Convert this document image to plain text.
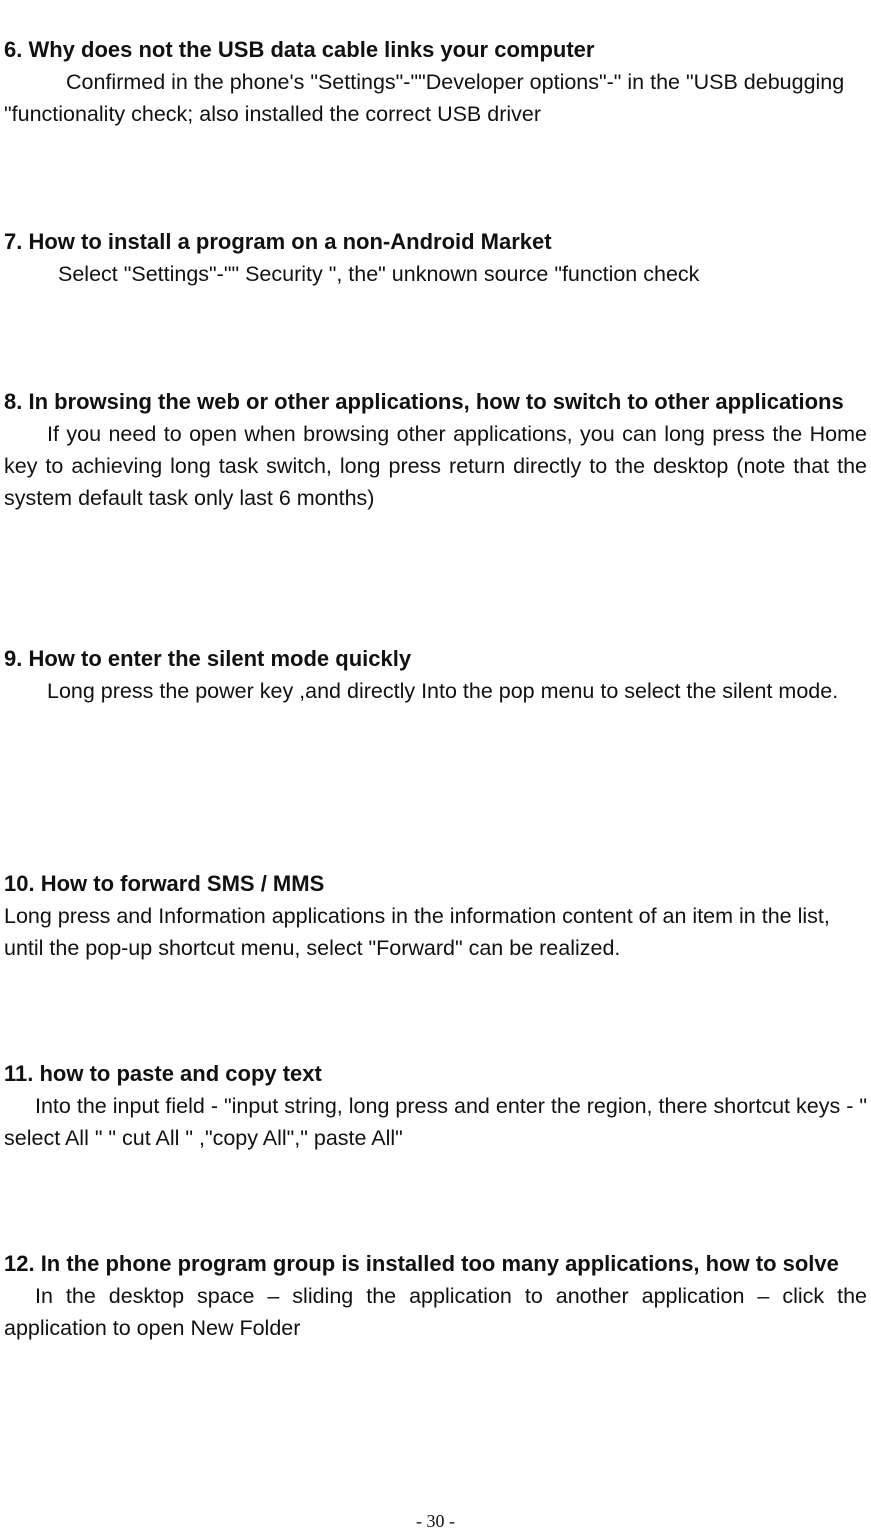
6. Why does not the USB data cable links your computer

Confirmed in the phone's "Settings"-""Developer options"-" in the "USB debugging "functionality check; also installed the correct USB driver

7. How to install a program on a non-Android Market

Select "Settings"-"" Security ", the" unknown source "function check

8. In browsing the web or other applications, how to switch to other applications

If you need to open when browsing other applications, you can long press the Home key to achieving long task switch, long press return directly to the desktop (note that the system default task only last 6 months)

9. How to enter the silent mode quickly

Long press the power key ,and directly Into the pop menu to select the silent mode.

10. How to forward SMS / MMS

Long press and Information applications in the information content of an item in the list, until the pop-up shortcut menu, select "Forward" can be realized.

11. how to paste and copy text

Into the input field - "input string, long press and enter the region, there shortcut keys - " select All " " cut All " ,"copy All"," paste All"

12. In the phone program group is installed too many applications, how to solve

In the desktop space – sliding the application to another application – click the application to open New Folder

- 30 -
